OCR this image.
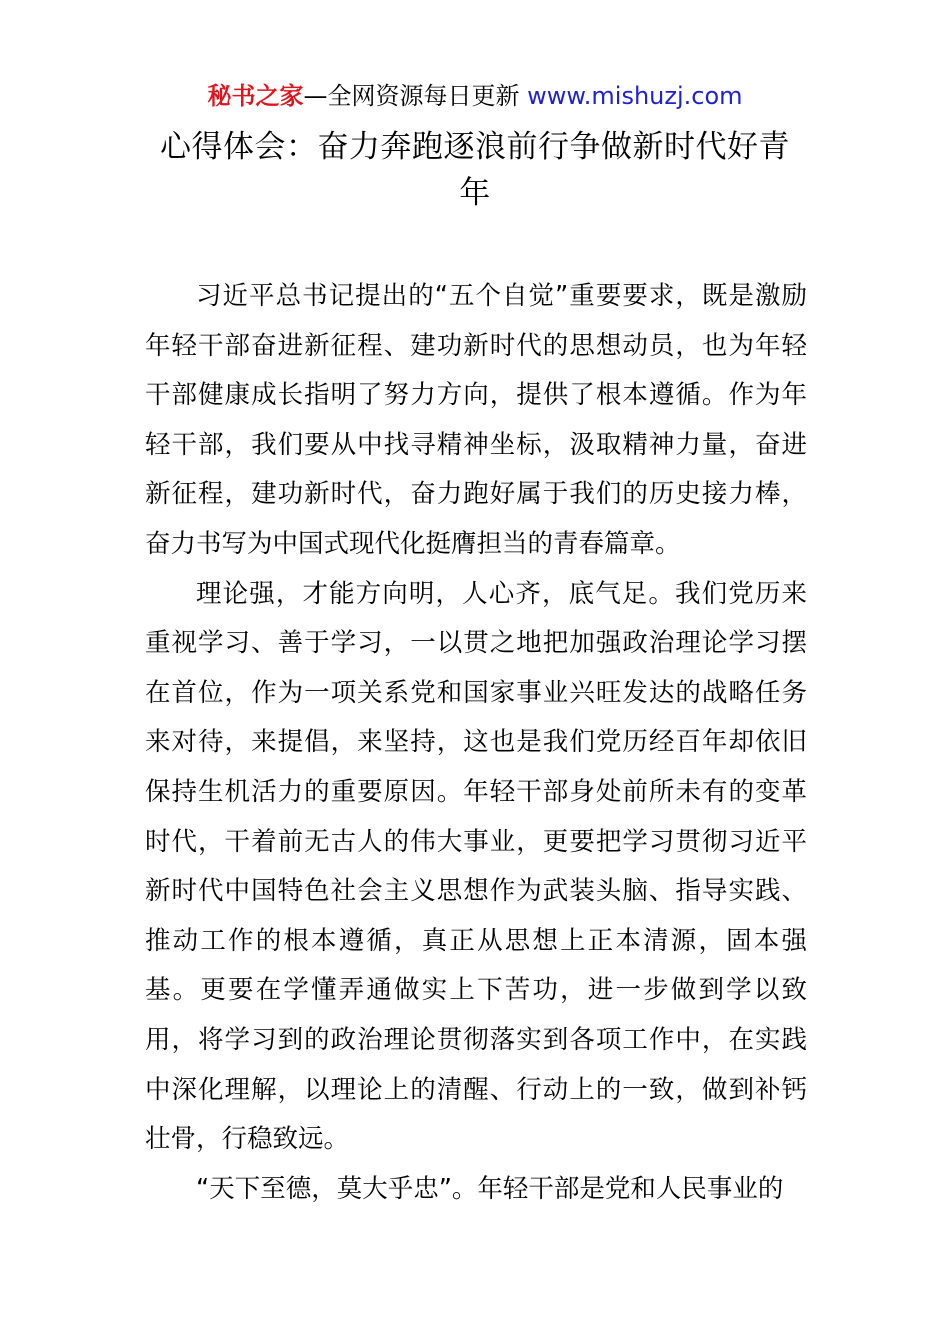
秘书之家—全网资源每日更新 www.mishuzj.com
心得体会：奋力奔跑逐浪前行争做新时代好青年

习近平总书记提出的“五个自觉”重要要求，既是激励年轻干部奋进新征程、建功新时代的思想动员，也为年轻干部健康成长指明了努力方向，提供了根本遵循。作为年轻干部，我们要从中找寻精神坐标，汲取精神力量，奋进新征程，建功新时代，奋力跑好属于我们的历史接力棒，奋力书写为中国式现代化挺膺担当的青春篇章。

理论强，才能方向明，人心齐，底气足。我们党历来重视学习、善于学习，一以贯之地把加强政治理论学习摆在首位，作为一项关系党和国家事业兴旺发达的战略任务来对待，来提倡，来坚持，这也是我们党历经百年却依旧保持生机活力的重要原因。年轻干部身处前所未有的变革时代，干着前无古人的伟大事业，更要把学习贯彻习近平新时代中国特色社会主义思想作为武装头脑、指导实践、推动工作的根本遵循，真正从思想上正本清源，固本强基。更要在学懂弄通做实上下苦功，进一步做到学以致用，将学习到的政治理论贯彻落实到各项工作中，在实践中深化理解，以理论上的清醒、行动上的一致，做到补钙壮骨，行稳致远。

“天下至德，莫大乎忠”。年轻干部是党和人民事业的
